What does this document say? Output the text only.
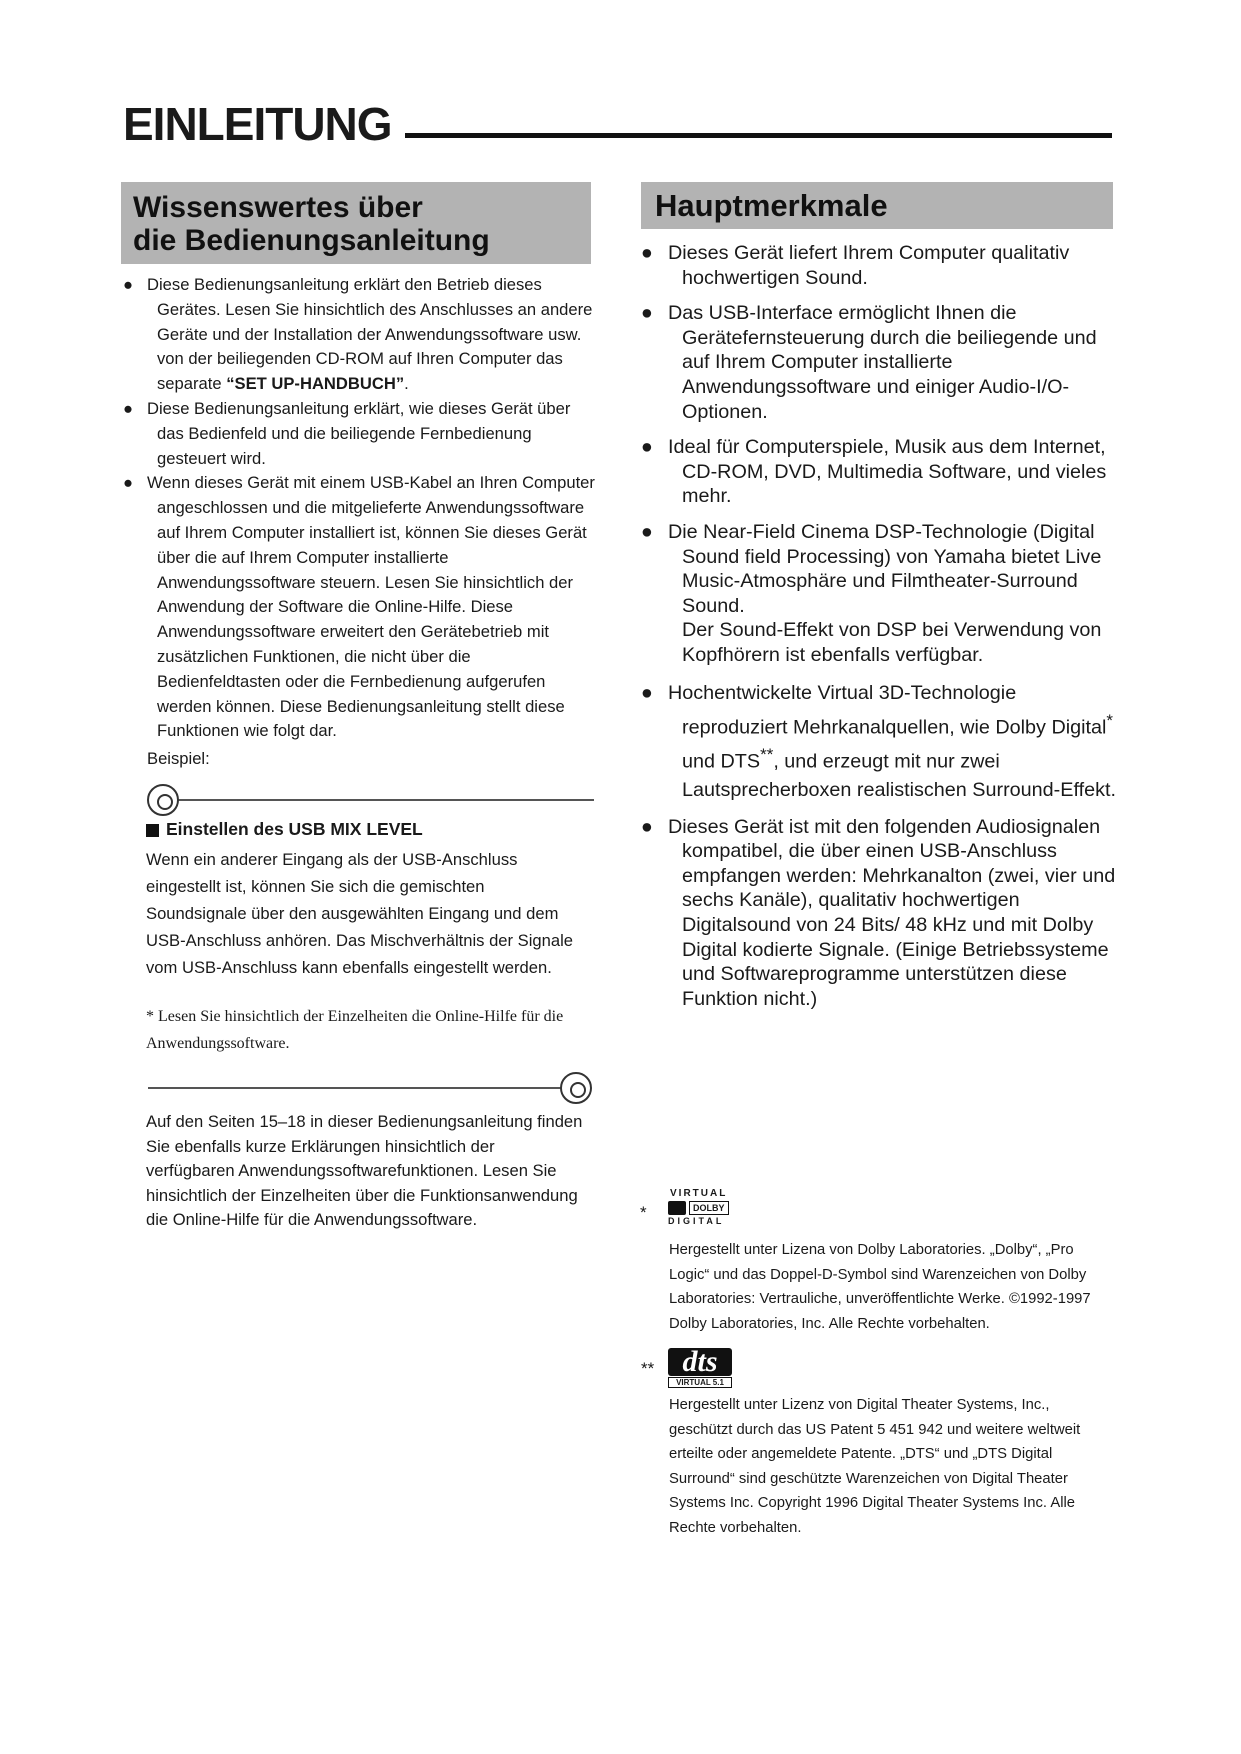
EINLEITUNG
Wissenswertes über
die Bedienungsanleitung
● Diese Bedienungsanleitung erklärt den Betrieb dieses Gerätes. Lesen Sie hinsichtlich des Anschlusses an andere Geräte und der Installation der Anwendungssoftware usw. von der beiliegenden CD-ROM auf Ihren Computer das separate “SET UP-HANDBUCH”.
● Diese Bedienungsanleitung erklärt, wie dieses Gerät über das Bedienfeld und die beiliegende Fernbedienung gesteuert wird.
● Wenn dieses Gerät mit einem USB-Kabel an Ihren Computer angeschlossen und die mitgelieferte Anwendungssoftware auf Ihrem Computer installiert ist, können Sie dieses Gerät über die auf Ihrem Computer installierte Anwendungssoftware steuern. Lesen Sie hinsichtlich der Anwendung der Software die Online-Hilfe. Diese Anwendungssoftware erweitert den Gerätebetrieb mit zusätzlichen Funktionen, die nicht über die Bedienfeldtasten oder die Fernbedienung aufgerufen werden können. Diese Bedienungsanleitung stellt diese Funktionen wie folgt dar.
Beispiel:
Einstellen des USB MIX LEVEL
Wenn ein anderer Eingang als der USB-Anschluss eingestellt ist, können Sie sich die gemischten Soundsignale über den ausgewählten Eingang und dem USB-Anschluss anhören. Das Mischverhältnis der Signale vom USB-Anschluss kann ebenfalls eingestellt werden.
* Lesen Sie hinsichtlich der Einzelheiten die Online-Hilfe für die Anwendungssoftware.
Auf den Seiten 15–18 in dieser Bedienungsanleitung finden Sie ebenfalls kurze Erklärungen hinsichtlich der verfügbaren Anwendungssoftwarefunktionen. Lesen Sie hinsichtlich der Einzelheiten über die Funktionsanwendung die Online-Hilfe für die Anwendungssoftware.
Hauptmerkmale
● Dieses Gerät liefert Ihrem Computer qualitativ hochwertigen Sound.
● Das USB-Interface ermöglicht Ihnen die Gerätefernsteuerung durch die beiliegende und auf Ihrem Computer installierte Anwendungssoftware und einiger Audio-I/O-Optionen.
● Ideal für Computerspiele, Musik aus dem Internet, CD-ROM, DVD, Multimedia Software, und vieles mehr.
● Die Near-Field Cinema DSP-Technologie (Digital Sound field Processing) von Yamaha bietet Live Music-Atmosphäre und Filmtheater-Surround Sound.
Der Sound-Effekt von DSP bei Verwendung von Kopfhörern ist ebenfalls verfügbar.
● Hochentwickelte Virtual 3D-Technologie reproduziert Mehrkanalquellen, wie Dolby Digital* und DTS**, und erzeugt mit nur zwei Lautsprecherboxen realistischen Surround-Effekt.
● Dieses Gerät ist mit den folgenden Audiosignalen kompatibel, die über einen USB-Anschluss empfangen werden: Mehrkanalton (zwei, vier und sechs Kanäle), qualitativ hochwertigen Digitalsound von 24 Bits/ 48 kHz und mit Dolby Digital kodierte Signale. (Einige Betriebssysteme und Softwareprogramme unterstützen diese Funktion nicht.)
*
VIRTUAL
DOLBY
DIGITAL
Hergestellt unter Lizena von Dolby Laboratories. „Dolby“, „Pro Logic“ und das Doppel-D-Symbol sind Warenzeichen von Dolby Laboratories: Vertrauliche, unveröffentlichte Werke. ©1992-1997 Dolby Laboratories, Inc. Alle Rechte vorbehalten.
** dts
VIRTUAL 5.1
Hergestellt unter Lizenz von Digital Theater Systems, Inc., geschützt durch das US Patent 5 451 942 und weitere weltweit erteilte oder angemeldete Patente. „DTS“ und „DTS Digital Surround“ sind geschützte Warenzeichen von Digital Theater Systems Inc. Copyright 1996 Digital Theater Systems Inc. Alle Rechte vorbehalten.
